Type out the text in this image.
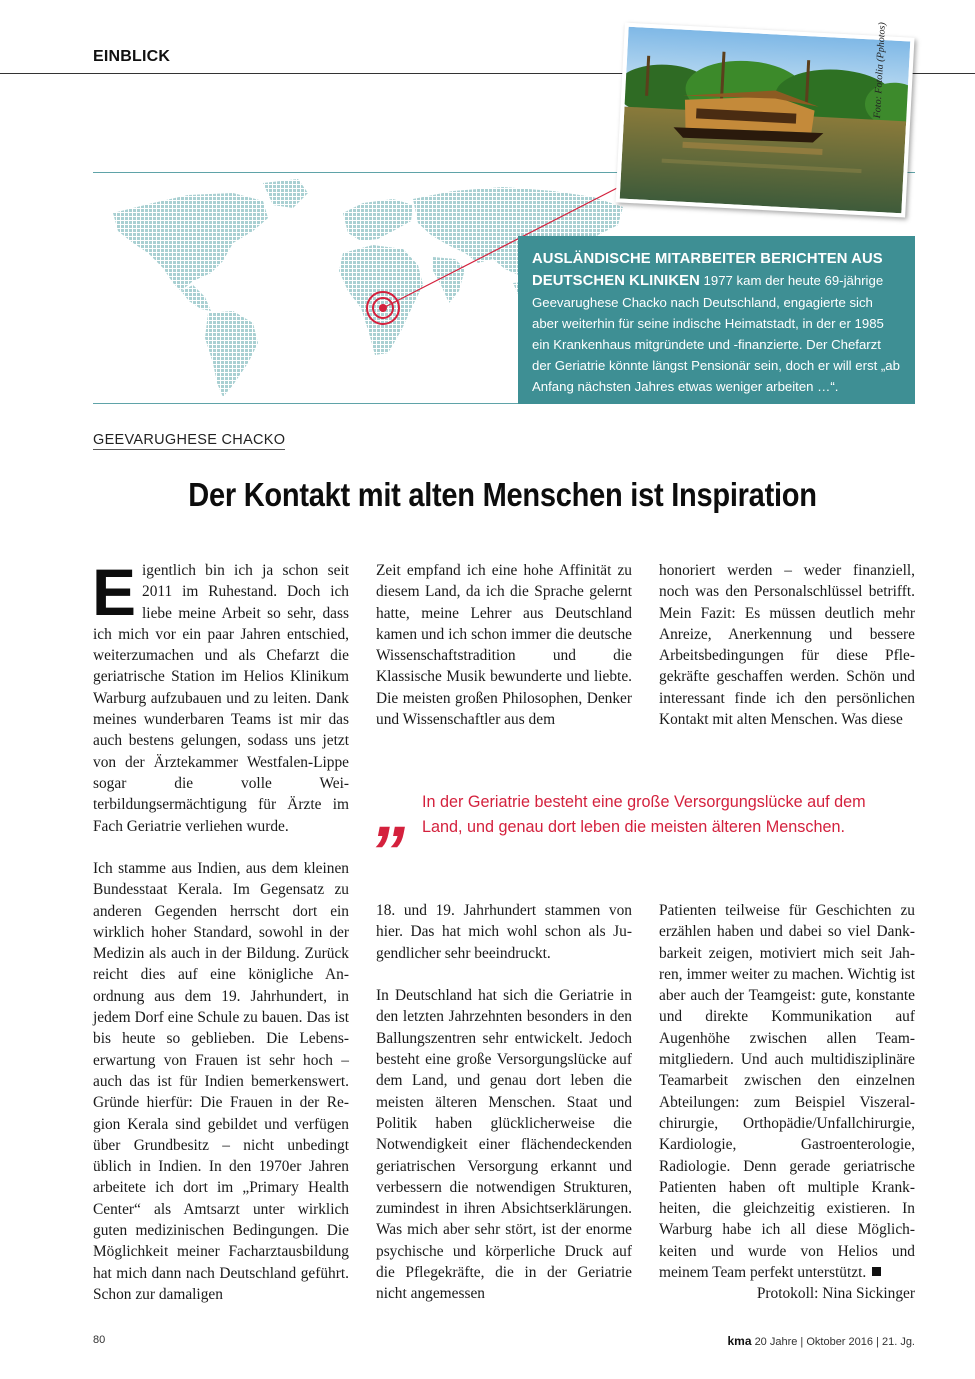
EINBLICK	Foto: Fotolia (Pphotos)
AUSLÄNDISCHE MITARBEITER BERICHTEN AUS DEUTSCHEN KLINIKEN 1977 kam der heute 69-jährige Geevarughese Chacko nach Deutschland, engagierte sich aber weiterhin für seine indische Heimatstadt, in der er 1985 ein Krankenhaus mitgründete und -finanzierte. Der Chefarzt der Geriatrie könnte längst Pensionär sein, doch er will erst „ab Anfang nächsten Jahres etwas weniger arbeiten …“.
GEEVARUGHESE CHACKO
Der Kontakt mit alten Menschen ist Inspiration

Eigentlich bin ich ja schon seit 2011 im Ruhestand. Doch ich liebe meine Arbeit so sehr, dass ich mich vor ein paar Jahren entschied, weiterzumachen und als Chefarzt die geriatrische Station im Helios Klinikum Warburg aufzubauen und zu leiten. Dank meines wunderbaren Teams ist mir das auch bestens gelungen, sodass uns jetzt von der Ärztekammer Westfalen-Lippe sogar die volle Weiterbildungsermächtigung für Ärzte im Fach Geriatrie verliehen wurde.

Zeit empfand ich eine hohe Affinität zu diesem Land, da ich die Sprache gelernt hatte, meine Lehrer aus Deutschland kamen und ich schon immer die deutsche Wissenschaftstradition und die Klassische Musik bewunderte und liebte. Die meisten großen Philosophen, Denker und Wissenschaftler aus dem

honoriert werden – weder finanziell, noch was den Personalschlüssel betrifft. Mein Fazit: Es müssen deutlich mehr Anreize, Anerkennung und bessere Arbeitsbedingungen für diese Pflegekräfte geschaffen werden. Schön und interessant finde ich den persönlichen Kontakt mit alten Menschen. Was diese

„ In der Geriatrie besteht eine große Versorgungslücke auf dem Land, und genau dort leben die meisten älteren Menschen.

Ich stamme aus Indien, aus dem kleinen Bundesstaat Kerala. Im Gegensatz zu anderen Gegenden herrscht dort ein wirklich hoher Standard, sowohl in der Medizin als auch in der Bildung. Zurück reicht dies auf eine königliche Anordnung aus dem 19. Jahrhundert, in jedem Dorf eine Schule zu bauen. Das ist bis heute so geblieben. Die Lebenserwartung von Frauen ist sehr hoch – auch das ist für Indien bemerkenswert. Gründe hierfür: Die Frauen in der Region Kerala sind gebildet und verfügen über Grundbesitz – nicht unbedingt üblich in Indien. In den 1970er Jahren arbeitete ich dort im „Primary Health Center“ als Amtsarzt unter wirklich guten medizinischen Bedingungen. Die Möglichkeit meiner Facharztausbildung hat mich dann nach Deutschland geführt. Schon zur damaligen

18. und 19. Jahrhundert stammen von hier. Das hat mich wohl schon als Jugendlicher sehr beeindruckt.

In Deutschland hat sich die Geriatrie in den letzten Jahrzehnten besonders in den Ballungszentren sehr entwickelt. Jedoch besteht eine große Versorgungslücke auf dem Land, und genau dort leben die meisten älteren Menschen. Staat und Politik haben glücklicherweise die Notwendigkeit einer flächendeckenden geriatrischen Versorgung erkannt und verbessern die notwendigen Strukturen, zumindest in ihren Absichtserklärungen. Was mich aber sehr stört, ist der enorme psychische und körperliche Druck auf die Pflegekräfte, die in der Geriatrie nicht angemessen

Patienten teilweise für Geschichten zu erzählen haben und dabei so viel Dankbarkeit zeigen, motiviert mich seit Jahren, immer weiter zu machen. Wichtig ist aber auch der Teamgeist: gute, konstante und direkte Kommunikation auf Augenhöhe zwischen allen Teammitgliedern. Und auch multidisziplinäre Teamarbeit zwischen den einzelnen Abteilungen: zum Beispiel Viszeralchirurgie, Orthopädie/Unfallchirurgie, Kardiologie, Gastroenterologie, Radiologie. Denn gerade geriatrische Patienten haben oft multiple Krankheiten, die gleichzeitig existieren. In Warburg habe ich all diese Möglichkeiten und wurde von Helios und meinem Team perfekt unterstützt.

Protokoll: Nina Sickinger
80	kma 20 Jahre | Oktober 2016 | 21. Jg.
